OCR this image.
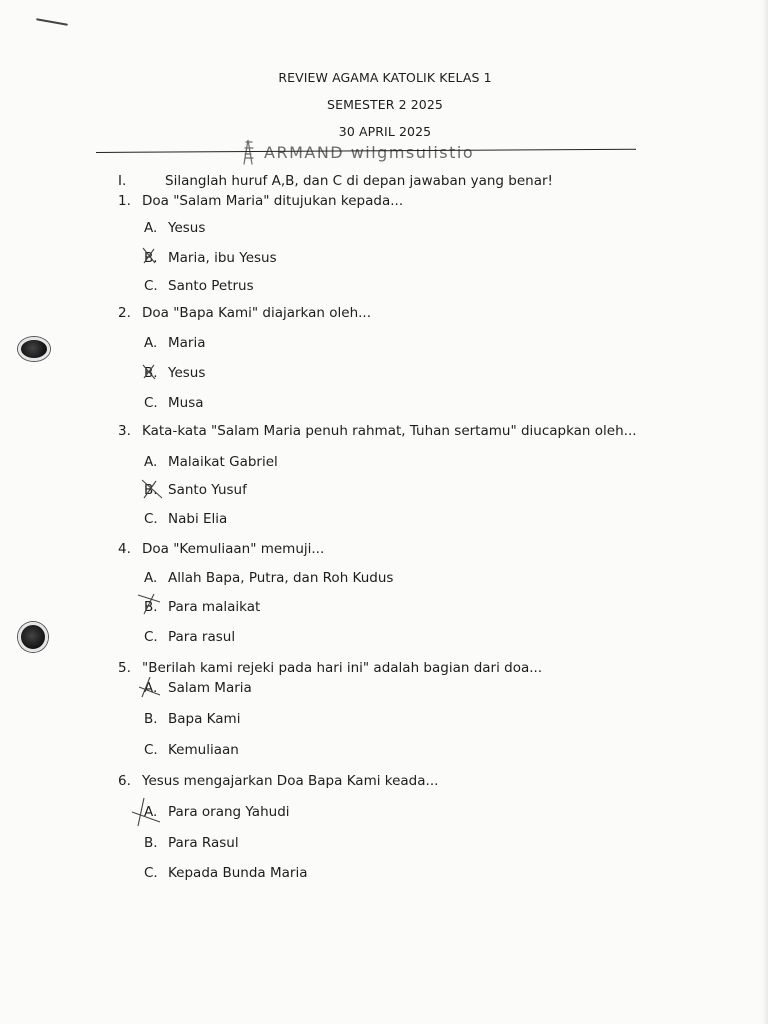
REVIEW AGAMA KATOLIK KELAS 1
SEMESTER 2 2025
30 APRIL 2025
ARMAND wilgmsulistio
I.	Silanglah huruf A,B, dan C di depan jawaban yang benar!
1. Doa "Salam Maria" ditujukan kepada...
A. Yesus
B. Maria, ibu Yesus
C. Santo Petrus
2. Doa "Bapa Kami" diajarkan oleh...
A. Maria
B. Yesus
C. Musa
3. Kata-kata "Salam Maria penuh rahmat, Tuhan sertamu" diucapkan oleh...
A. Malaikat Gabriel
B. Santo Yusuf
C. Nabi Elia
4. Doa "Kemuliaan" memuji...
A. Allah Bapa, Putra, dan Roh Kudus
B. Para malaikat
C. Para rasul
5. "Berilah kami rejeki pada hari ini" adalah bagian dari doa...
A. Salam Maria
B. Bapa Kami
C. Kemuliaan
6. Yesus mengajarkan Doa Bapa Kami keada...
A. Para orang Yahudi
B. Para Rasul
C. Kepada Bunda Maria
